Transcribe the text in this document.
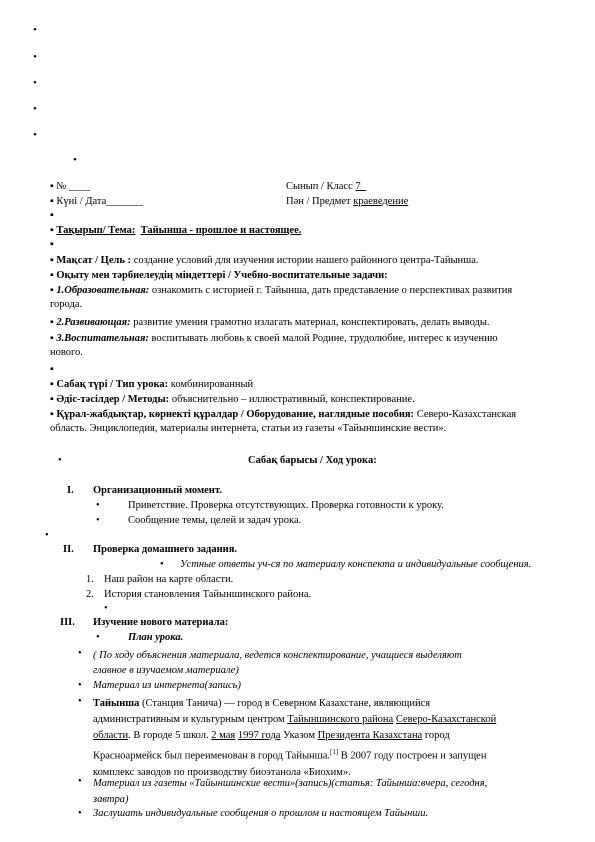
•
•
•
•
•
•
▪ № ____	Сынып / Класс 7_
▪ Күні / Дата_______	Пән / Предмет краеведение
▪
▪ Тақырып/ Тема: Тайынша - прошлое и настоящее.
▪
▪ Мақсат / Цель : создание условий для изучения истории нашего районного центра-Тайынша.
▪ Оқыту мен тәрбиелеудің міндеттері / Учебно-воспитательные задачи:
▪ 1.Образовательная: ознакомить с историей г. Тайынша, дать представление о перспективах развития
города.
▪ 2.Развивающая: развитие умения грамотно излагать материал, конспектировать, делать выводы.
▪ 3.Воспитательная: воспитывать любовь к своей малой Родине, трудолюбие, интерес к изучению
нового.
▪
▪ Сабақ түрі / Тип урока: комбинированный
▪ Әдіс-тәсілдер / Методы: объяснительно – иллюстративный, конспектирование.
▪ Құрал-жабдықтар, көрнекті құралдар / Оборудование, наглядные пособия: Северо-Казахстанская
область. Энциклопедия, материалы интернета, статьи из газеты «Тайыншинские вести».
•	Сабақ барысы / Ход урока:
I. Организационный момент.
•	Приветствие. Проверка отсутствующих. Проверка готовности к уроку.
•	Сообщение темы, целей и задач урока.
•
II. Проверка домашнего задания.
• Устные ответы уч-ся по материалу конспекта и индивидуальные сообщения.
1. Наш район на карте области.
2. История становления Тайыншинского района.
•
III. Изучение нового материала:
•	План урока.
• ( По ходу объяснения материала, ведется конспектирование, учащиеся выделяют
главное в изучаемом материале)
• Материал из интернета(запись)
• Тайынша (Станция Танича) — город в Северном Казахстане, являющийся
административным и культурным центром Тайыншинского района Северо-Казахстанской
области. В городе 5 школ. 2 мая 1997 года Указом Президента Казахстана город
Красноармейск был переименован в город Тайынша.[1] В 2007 году построен и запущен
комплекс заводов по производству биоэтанола «Биохим».
• Материал из газеты «Тайыншинские вести»(запись)(статья: Тайынша:вчера, сегодня,
завтра)
• Заслушать индивидуальные сообщения о прошлом и настоящем Тайынши.
